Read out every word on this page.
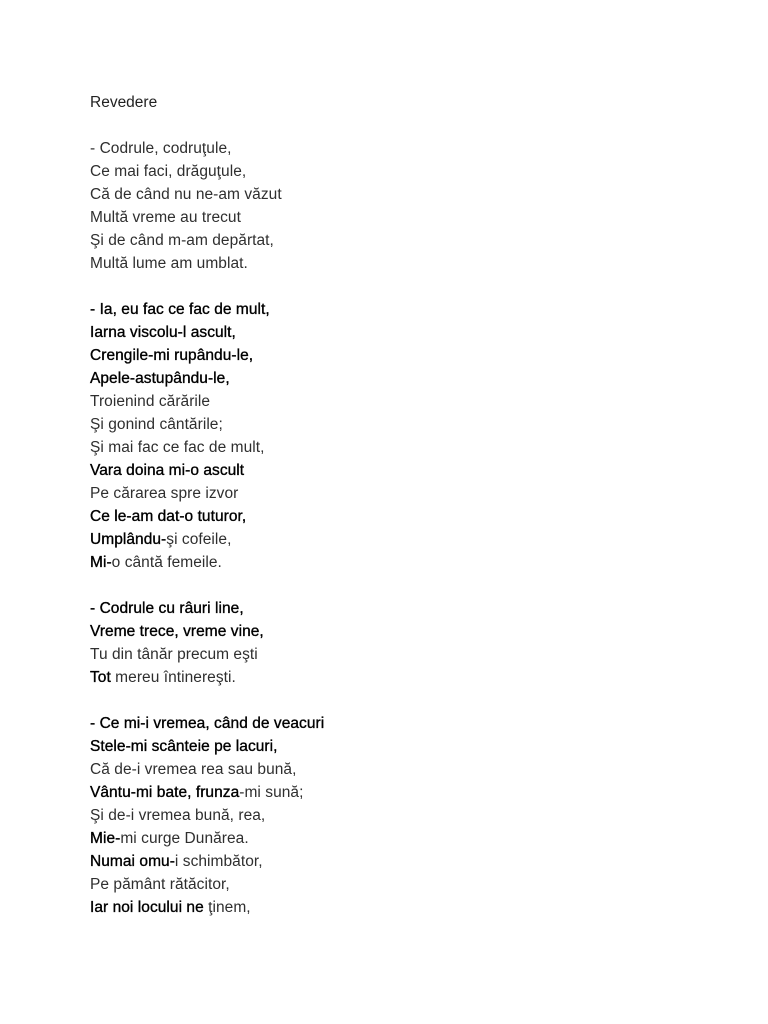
Revedere
- Codrule, codruţule,
Ce mai faci, drăguţule,
Că de când nu ne-am văzut
Multă vreme au trecut
Şi de când m-am depărtat,
Multă lume am umblat.
- Ia, eu fac ce fac de mult,
Iarna viscolu-l ascult,
Crengile-mi rupându-le,
Apele-astupându-le,
Troienind cărările
Şi gonind cântările;
Şi mai fac ce fac de mult,
Vara doina mi-o ascult
Pe cărarea spre izvor
Ce le-am dat-o tuturor,
Umplându-şi cofeile,
Mi-o cântă femeile.
- Codrule cu râuri line,
Vreme trece, vreme vine,
Tu din tânăr precum eşti
Tot mereu întinereşti.
- Ce mi-i vremea, când de veacuri
Stele-mi scânteie pe lacuri,
Că de-i vremea rea sau bună,
Vântu-mi bate, frunza-mi sună;
Şi de-i vremea bună, rea,
Mie-mi curge Dunărea.
Numai omu-i schimbător,
Pe pământ rătăcitor,
Iar noi locului ne ţinem,
